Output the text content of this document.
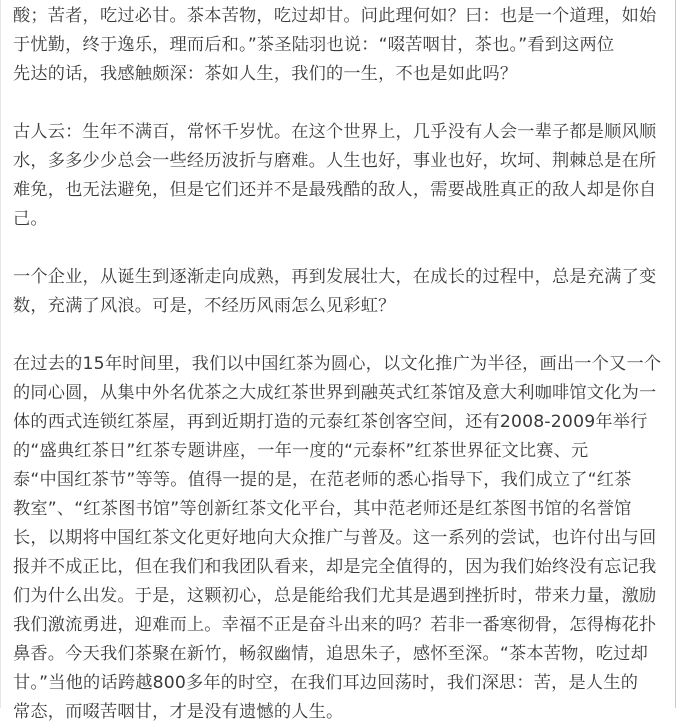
酸；苦者，吃过必甘。茶本苦物，吃过却甘。问此理何如？曰：也是一个道理，如始
于忧勤，终于逸乐，理而后和。”茶圣陆羽也说：“啜苦咽甘，茶也。”看到这两位
先达的话，我感触颇深：茶如人生，我们的一生，不也是如此吗？

古人云：生年不满百，常怀千岁忧。在这个世界上，几乎没有人会一辈子都是顺风顺
水，多多少少总会一些经历波折与磨难。人生也好，事业也好，坎坷、荆棘总是在所
难免，也无法避免，但是它们还并不是最残酷的敌人，需要战胜真正的敌人却是你自
己。

一个企业，从诞生到逐渐走向成熟，再到发展壮大，在成长的过程中，总是充满了变
数，充满了风浪。可是，不经历风雨怎么见彩虹？

在过去的15年时间里，我们以中国红茶为圆心，以文化推广为半径，画出一个又一个
的同心圆，从集中外名优茶之大成红茶世界到融英式红茶馆及意大利咖啡馆文化为一
体的西式连锁红茶屋，再到近期打造的元泰红茶创客空间，还有2008-2009年举行
的“盛典红茶日”红茶专题讲座，一年一度的“元泰杯”红茶世界征文比赛、元
泰“中国红茶节”等等。值得一提的是，在范老师的悉心指导下，我们成立了“红茶
教室”、“红茶图书馆”等创新红茶文化平台，其中范老师还是红茶图书馆的名誉馆
长，以期将中国红茶文化更好地向大众推广与普及。这一系列的尝试，也许付出与回
报并不成正比，但在我们和我团队看来，却是完全值得的，因为我们始终没有忘记我
们为什么出发。于是，这颗初心，总是能给我们尤其是遇到挫折时，带来力量，激励
我们激流勇进，迎难而上。幸福不正是奋斗出来的吗？若非一番寒彻骨，怎得梅花扑
鼻香。今天我们茶聚在新竹，畅叙幽情，追思朱子，感怀至深。“茶本苦物，吃过却
甘。”当他的话跨越800多年的时空，在我们耳边回荡时，我们深思：苦，是人生的
常态，而啜苦咽甘，才是没有遗憾的人生。
